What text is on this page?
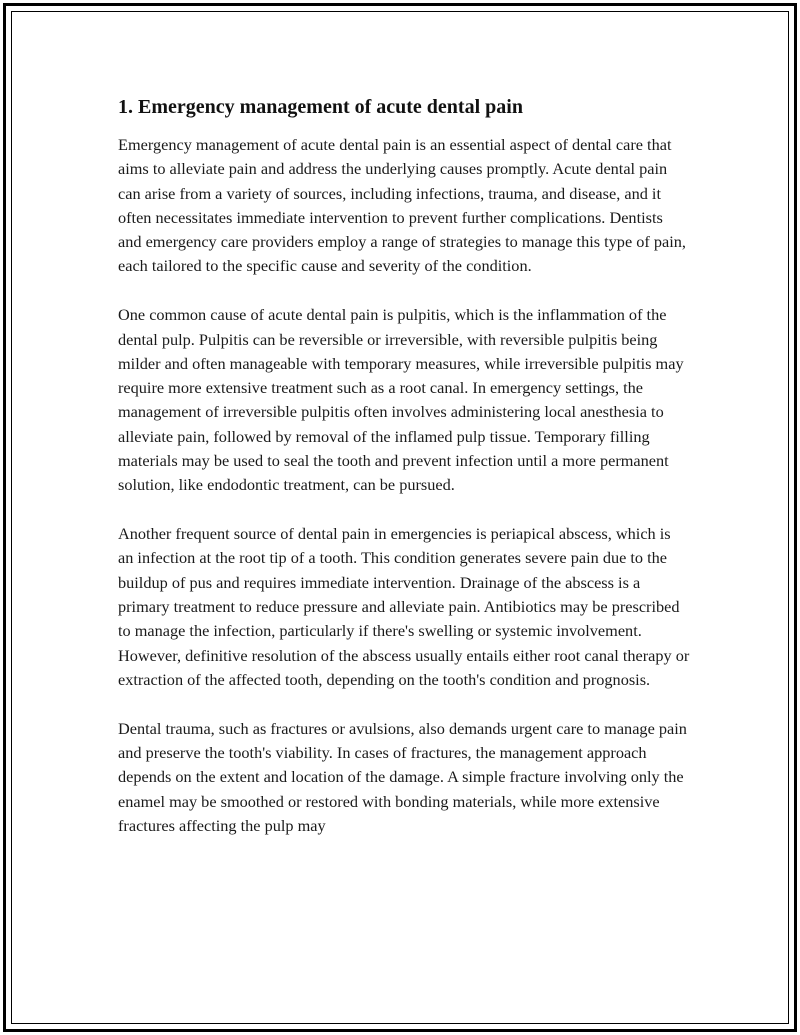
1. Emergency management of acute dental pain

Emergency management of acute dental pain is an essential aspect of dental care that aims to alleviate pain and address the underlying causes promptly. Acute dental pain can arise from a variety of sources, including infections, trauma, and disease, and it often necessitates immediate intervention to prevent further complications. Dentists and emergency care providers employ a range of strategies to manage this type of pain, each tailored to the specific cause and severity of the condition.

One common cause of acute dental pain is pulpitis, which is the inflammation of the dental pulp. Pulpitis can be reversible or irreversible, with reversible pulpitis being milder and often manageable with temporary measures, while irreversible pulpitis may require more extensive treatment such as a root canal. In emergency settings, the management of irreversible pulpitis often involves administering local anesthesia to alleviate pain, followed by removal of the inflamed pulp tissue. Temporary filling materials may be used to seal the tooth and prevent infection until a more permanent solution, like endodontic treatment, can be pursued.

Another frequent source of dental pain in emergencies is periapical abscess, which is an infection at the root tip of a tooth. This condition generates severe pain due to the buildup of pus and requires immediate intervention. Drainage of the abscess is a primary treatment to reduce pressure and alleviate pain. Antibiotics may be prescribed to manage the infection, particularly if there's swelling or systemic involvement. However, definitive resolution of the abscess usually entails either root canal therapy or extraction of the affected tooth, depending on the tooth's condition and prognosis.

Dental trauma, such as fractures or avulsions, also demands urgent care to manage pain and preserve the tooth's viability. In cases of fractures, the management approach depends on the extent and location of the damage. A simple fracture involving only the enamel may be smoothed or restored with bonding materials, while more extensive fractures affecting the pulp may
